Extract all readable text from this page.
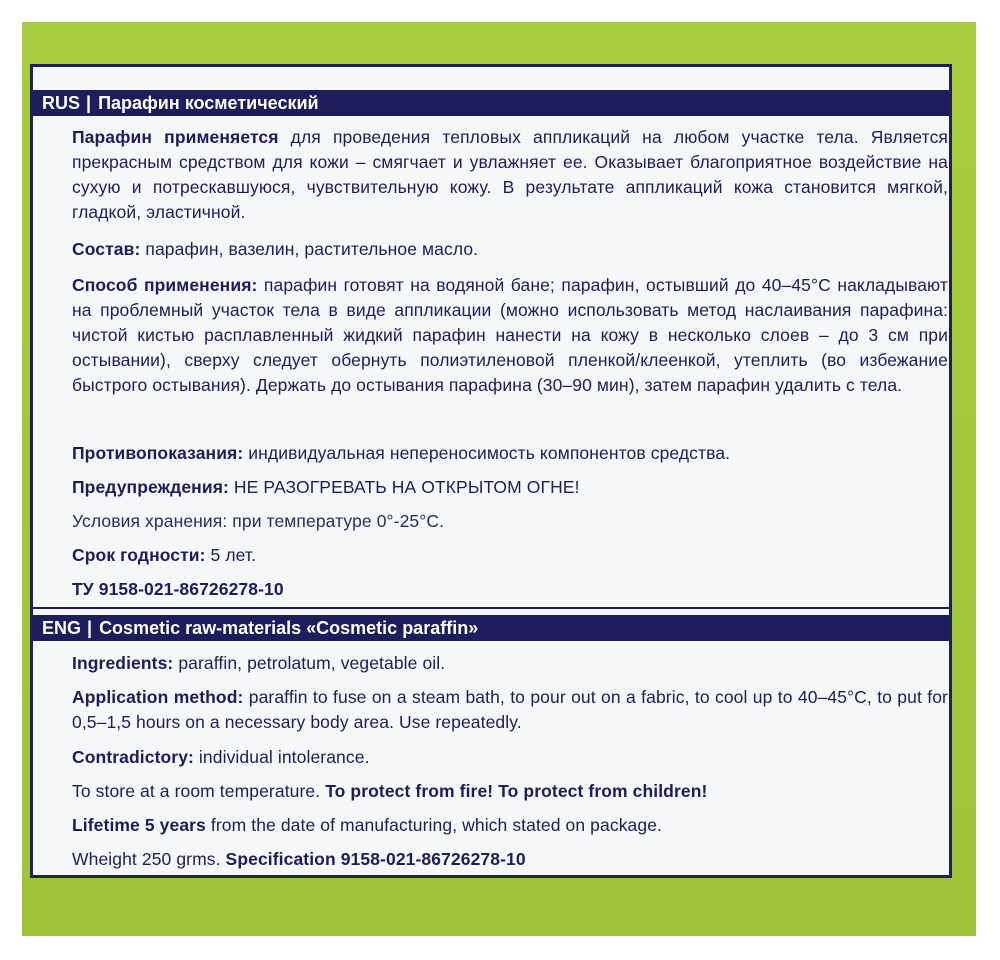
RUS | Парафин косметический
Парафин применяется для проведения тепловых аппликаций на любом участке тела. Является прекрасным средством для кожи – смягчает и увлажняет ее. Оказывает благоприятное воздействие на сухую и потрескавшуюся, чувствительную кожу. В результате аппликаций кожа становится мягкой, гладкой, эластичной.
Состав: парафин, вазелин, растительное масло.
Способ применения: парафин готовят на водяной бане; парафин, остывший до 40–45°С накладывают на проблемный участок тела в виде аппликации (можно использовать метод наслаивания парафина: чистой кистью расплавленный жидкий парафин нанести на кожу в несколько слоев – до 3 см при остывании), сверху следует обернуть полиэтиленовой пленкой/клеенкой, утеплить (во избежание быстрого остывания). Держать до остывания парафина (30–90 мин), затем парафин удалить с тела.
Противопоказания: индивидуальная непереносимость компонентов средства.
Предупреждения: НЕ РАЗОГРЕВАТЬ НА ОТКРЫТОМ ОГНЕ!
Условия хранения: при температуре 0°-25°С.
Срок годности: 5 лет.
ТУ 9158-021-86726278-10
ENG | Cosmetic raw-materials «Cosmetic paraffin»
Ingredients: paraffin, petrolatum, vegetable oil.
Application method: paraffin to fuse on a steam bath, to pour out on a fabric, to cool up to 40–45°C, to put for 0,5–1,5 hours on a necessary body area. Use repeatedly.
Contradictory: individual intolerance.
To store at a room temperature. To protect from fire! To protect from children!
Lifetime 5 years from the date of manufacturing, which stated on package.
Wheight 250 grms. Specification 9158-021-86726278-10
